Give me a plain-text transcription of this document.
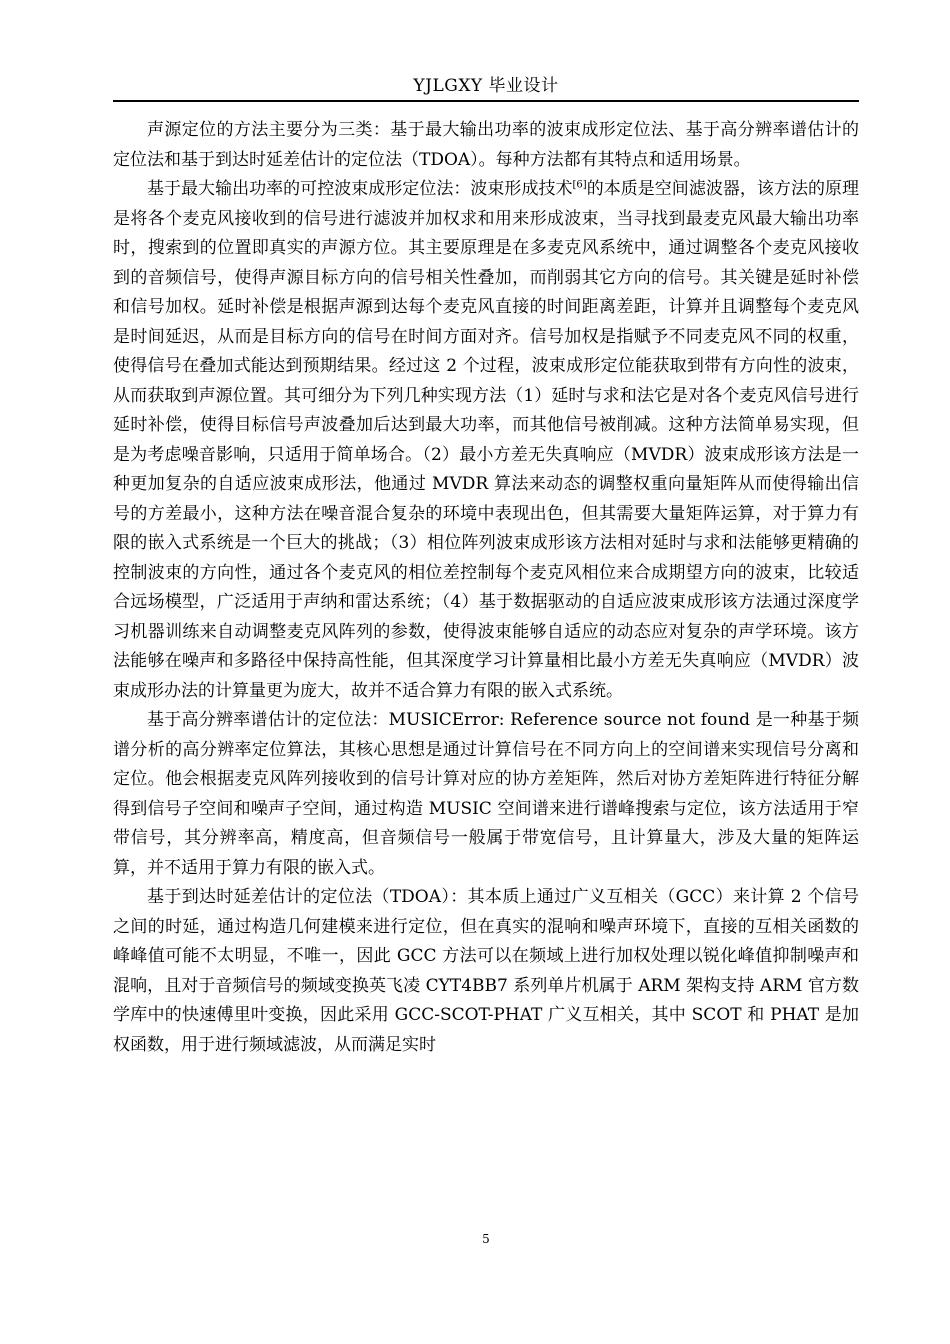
YJLGXY 毕业设计

声源定位的方法主要分为三类：基于最大输出功率的波束成形定位法、基于高分辨率谱估计的定位法和基于到达时延差估计的定位法（TDOA）。每种方法都有其特点和适用场景。

基于最大输出功率的可控波束成形定位法：波束形成技术[6]的本质是空间滤波器，该方法的原理是将各个麦克风接收到的信号进行滤波并加权求和用来形成波束，当寻找到最麦克风最大输出功率时，搜索到的位置即真实的声源方位。其主要原理是在多麦克风系统中，通过调整各个麦克风接收到的音频信号，使得声源目标方向的信号相关性叠加，而削弱其它方向的信号。其关键是延时补偿和信号加权。延时补偿是根据声源到达每个麦克风直接的时间距离差距，计算并且调整每个麦克风是时间延迟，从而是目标方向的信号在时间方面对齐。信号加权是指赋予不同麦克风不同的权重，使得信号在叠加式能达到预期结果。经过这 2 个过程，波束成形定位能获取到带有方向性的波束，从而获取到声源位置。其可细分为下列几种实现方法（1）延时与求和法它是对各个麦克风信号进行延时补偿，使得目标信号声波叠加后达到最大功率，而其他信号被削减。这种方法简单易实现，但是为考虑噪音影响，只适用于简单场合。（2）最小方差无失真响应（MVDR）波束成形该方法是一种更加复杂的自适应波束成形法，他通过 MVDR 算法来动态的调整权重向量矩阵从而使得输出信号的方差最小，这种方法在噪音混合复杂的环境中表现出色，但其需要大量矩阵运算，对于算力有限的嵌入式系统是一个巨大的挑战；（3）相位阵列波束成形该方法相对延时与求和法能够更精确的控制波束的方向性，通过各个麦克风的相位差控制每个麦克风相位来合成期望方向的波束，比较适合远场模型，广泛适用于声纳和雷达系统；（4）基于数据驱动的自适应波束成形该方法通过深度学习机器训练来自动调整麦克风阵列的参数，使得波束能够自适应的动态应对复杂的声学环境。该方法能够在噪声和多路径中保持高性能，但其深度学习计算量相比最小方差无失真响应（MVDR）波束成形办法的计算量更为庞大，故并不适合算力有限的嵌入式系统。

基于高分辨率谱估计的定位法：MUSICError: Reference source not found 是一种基于频谱分析的高分辨率定位算法，其核心思想是通过计算信号在不同方向上的空间谱来实现信号分离和定位。他会根据麦克风阵列接收到的信号计算对应的协方差矩阵，然后对协方差矩阵进行特征分解得到信号子空间和噪声子空间，通过构造 MUSIC 空间谱来进行谱峰搜索与定位，该方法适用于窄带信号，其分辨率高，精度高，但音频信号一般属于带宽信号，且计算量大，涉及大量的矩阵运算，并不适用于算力有限的嵌入式。

基于到达时延差估计的定位法（TDOA）：其本质上通过广义互相关（GCC）来计算 2 个信号之间的时延，通过构造几何建模来进行定位，但在真实的混响和噪声环境下，直接的互相关函数的峰峰值可能不太明显，不唯一，因此 GCC 方法可以在频域上进行加权处理以锐化峰值抑制噪声和混响，且对于音频信号的频域变换英飞凌 CYT4BB7 系列单片机属于 ARM 架构支持 ARM 官方数学库中的快速傅里叶变换，因此采用 GCC-SCOT-PHAT 广义互相关，其中 SCOT 和 PHAT 是加权函数，用于进行频域滤波，从而满足实时

5
